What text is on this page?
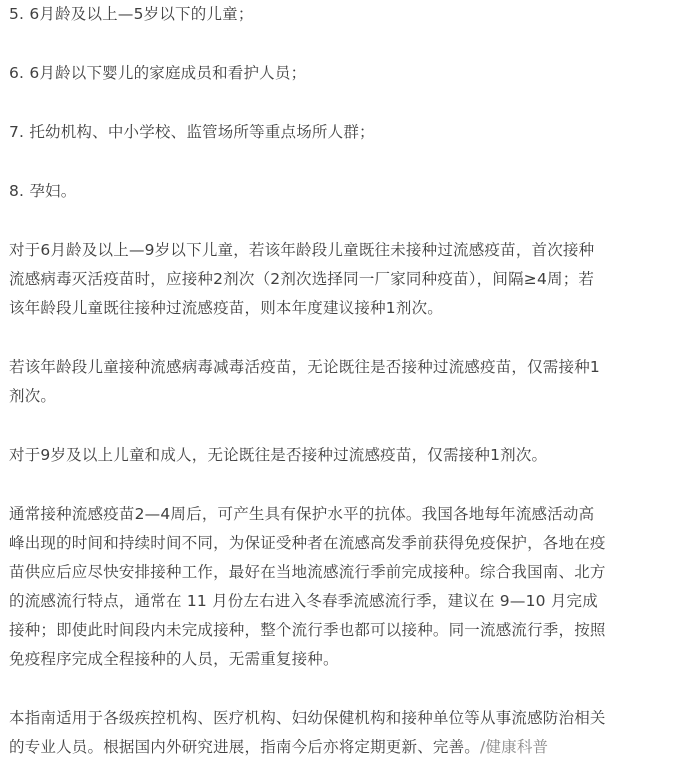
5. 6月龄及以上—5岁以下的儿童；

6. 6月龄以下婴儿的家庭成员和看护人员；

7. 托幼机构、中小学校、监管场所等重点场所人群；

8. 孕妇。

对于6月龄及以上—9岁以下儿童，若该年龄段儿童既往未接种过流感疫苗，首次接种

流感病毒灭活疫苗时，应接种2剂次（2剂次选择同一厂家同种疫苗），间隔≥4周；若

该年龄段儿童既往接种过流感疫苗，则本年度建议接种1剂次。

若该年龄段儿童接种流感病毒减毒活疫苗，无论既往是否接种过流感疫苗，仅需接种1

剂次。

对于9岁及以上儿童和成人，无论既往是否接种过流感疫苗，仅需接种1剂次。

通常接种流感疫苗2—4周后，可产生具有保护水平的抗体。我国各地每年流感活动高

峰出现的时间和持续时间不同，为保证受种者在流感高发季前获得免疫保护，各地在疫

苗供应后应尽快安排接种工作，最好在当地流感流行季前完成接种。综合我国南、北方

的流感流行特点，通常在 11 月份左右进入冬春季流感流行季，建议在 9—10 月完成

接种；即使此时间段内未完成接种，整个流行季也都可以接种。同一流感流行季，按照

免疫程序完成全程接种的人员，无需重复接种。

本指南适用于各级疾控机构、医疗机构、妇幼保健机构和接种单位等从事流感防治相关

的专业人员。根据国内外研究进展，指南今后亦将定期更新、完善。/健康科普
